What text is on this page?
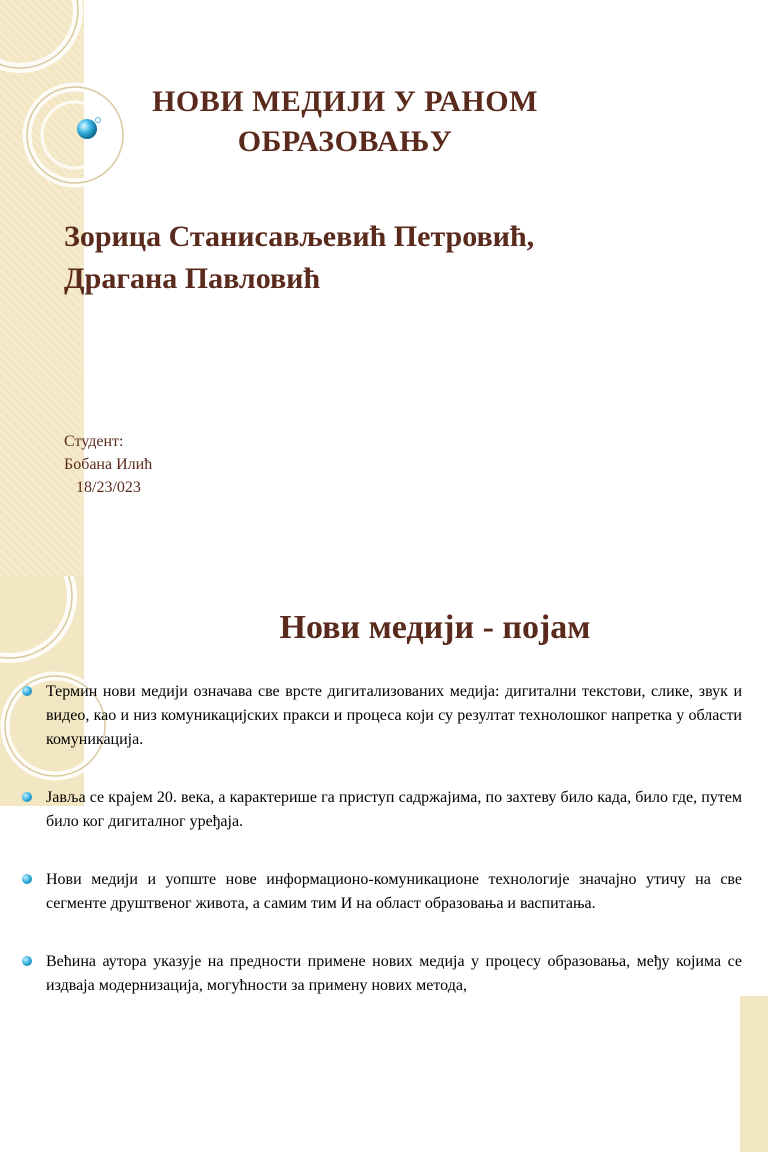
НОВИ МЕДИЈИ У РАНОМ ОБРАЗОВАЊУ
Зорица Станисављевић Петровић,
Драгана Павловић
Студент:
Бобана Илић
18/23/023
Нови медији - појам
Термин нови медији означава све врсте дигитализованих медија: дигитални текстови, слике, звук и видео, као и низ комуникацијских пракси и процеса који су резултат технолошког напретка у области комуникација.
Јавља се крајем 20. века, а карактерише га приступ садржајима, по захтеву било када, било где, путем било ког дигиталног уређаја.
Нови медији и уопште нове информационо-комуникационе технологије значајно утичу на све сегменте друштвеног живота, а самим тим И на област образовања и васпитања.
Већина аутора указује на предности примене нових медија у процесу образовања, међу којима се издваја модернизација, могућности за примену нових метода,
